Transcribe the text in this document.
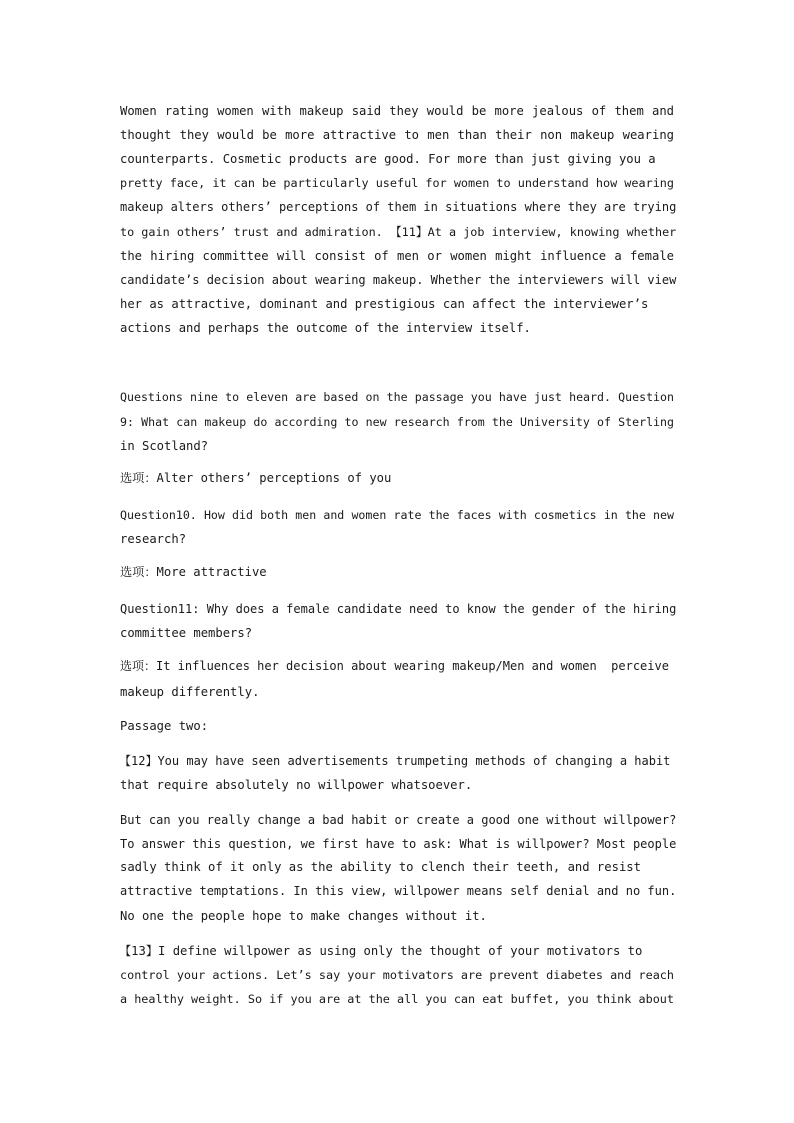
Women rating women with makeup said they would be more jealous of them and
thought they would be more attractive to men than their non makeup wearing
counterparts. Cosmetic products are good. For more than just giving you a
pretty face, it can be particularly useful for women to understand how wearing
makeup alters others’ perceptions of them in situations where they are trying
to gain others’ trust and admiration. 【11】At a job interview, knowing whether
the hiring committee will consist of men or women might influence a female
candidate’s decision about wearing makeup. Whether the interviewers will view
her as attractive, dominant and prestigious can affect the interviewer’s
actions and perhaps the outcome of the interview itself.
Questions nine to eleven are based on the passage you have just heard. Question
9: What can makeup do according to new research from the University of Sterling
in Scotland?
选项：Alter others’ perceptions of you
Question10. How did both men and women rate the faces with cosmetics in the new
research?
选项：More attractive
Question11: Why does a female candidate need to know the gender of the hiring
committee members?
选项：It influences her decision about wearing makeup/Men and women  perceive
makeup differently.
Passage two:
【12】You may have seen advertisements trumpeting methods of changing a habit
that require absolutely no willpower whatsoever.
But can you really change a bad habit or create a good one without willpower?
To answer this question, we first have to ask: What is willpower? Most people
sadly think of it only as the ability to clench their teeth, and resist
attractive temptations. In this view, willpower means self denial and no fun.
No one the people hope to make changes without it.
【13】I define willpower as using only the thought of your motivators to
control your actions. Let’s say your motivators are prevent diabetes and reach
a healthy weight. So if you are at the all you can eat buffet, you think about
